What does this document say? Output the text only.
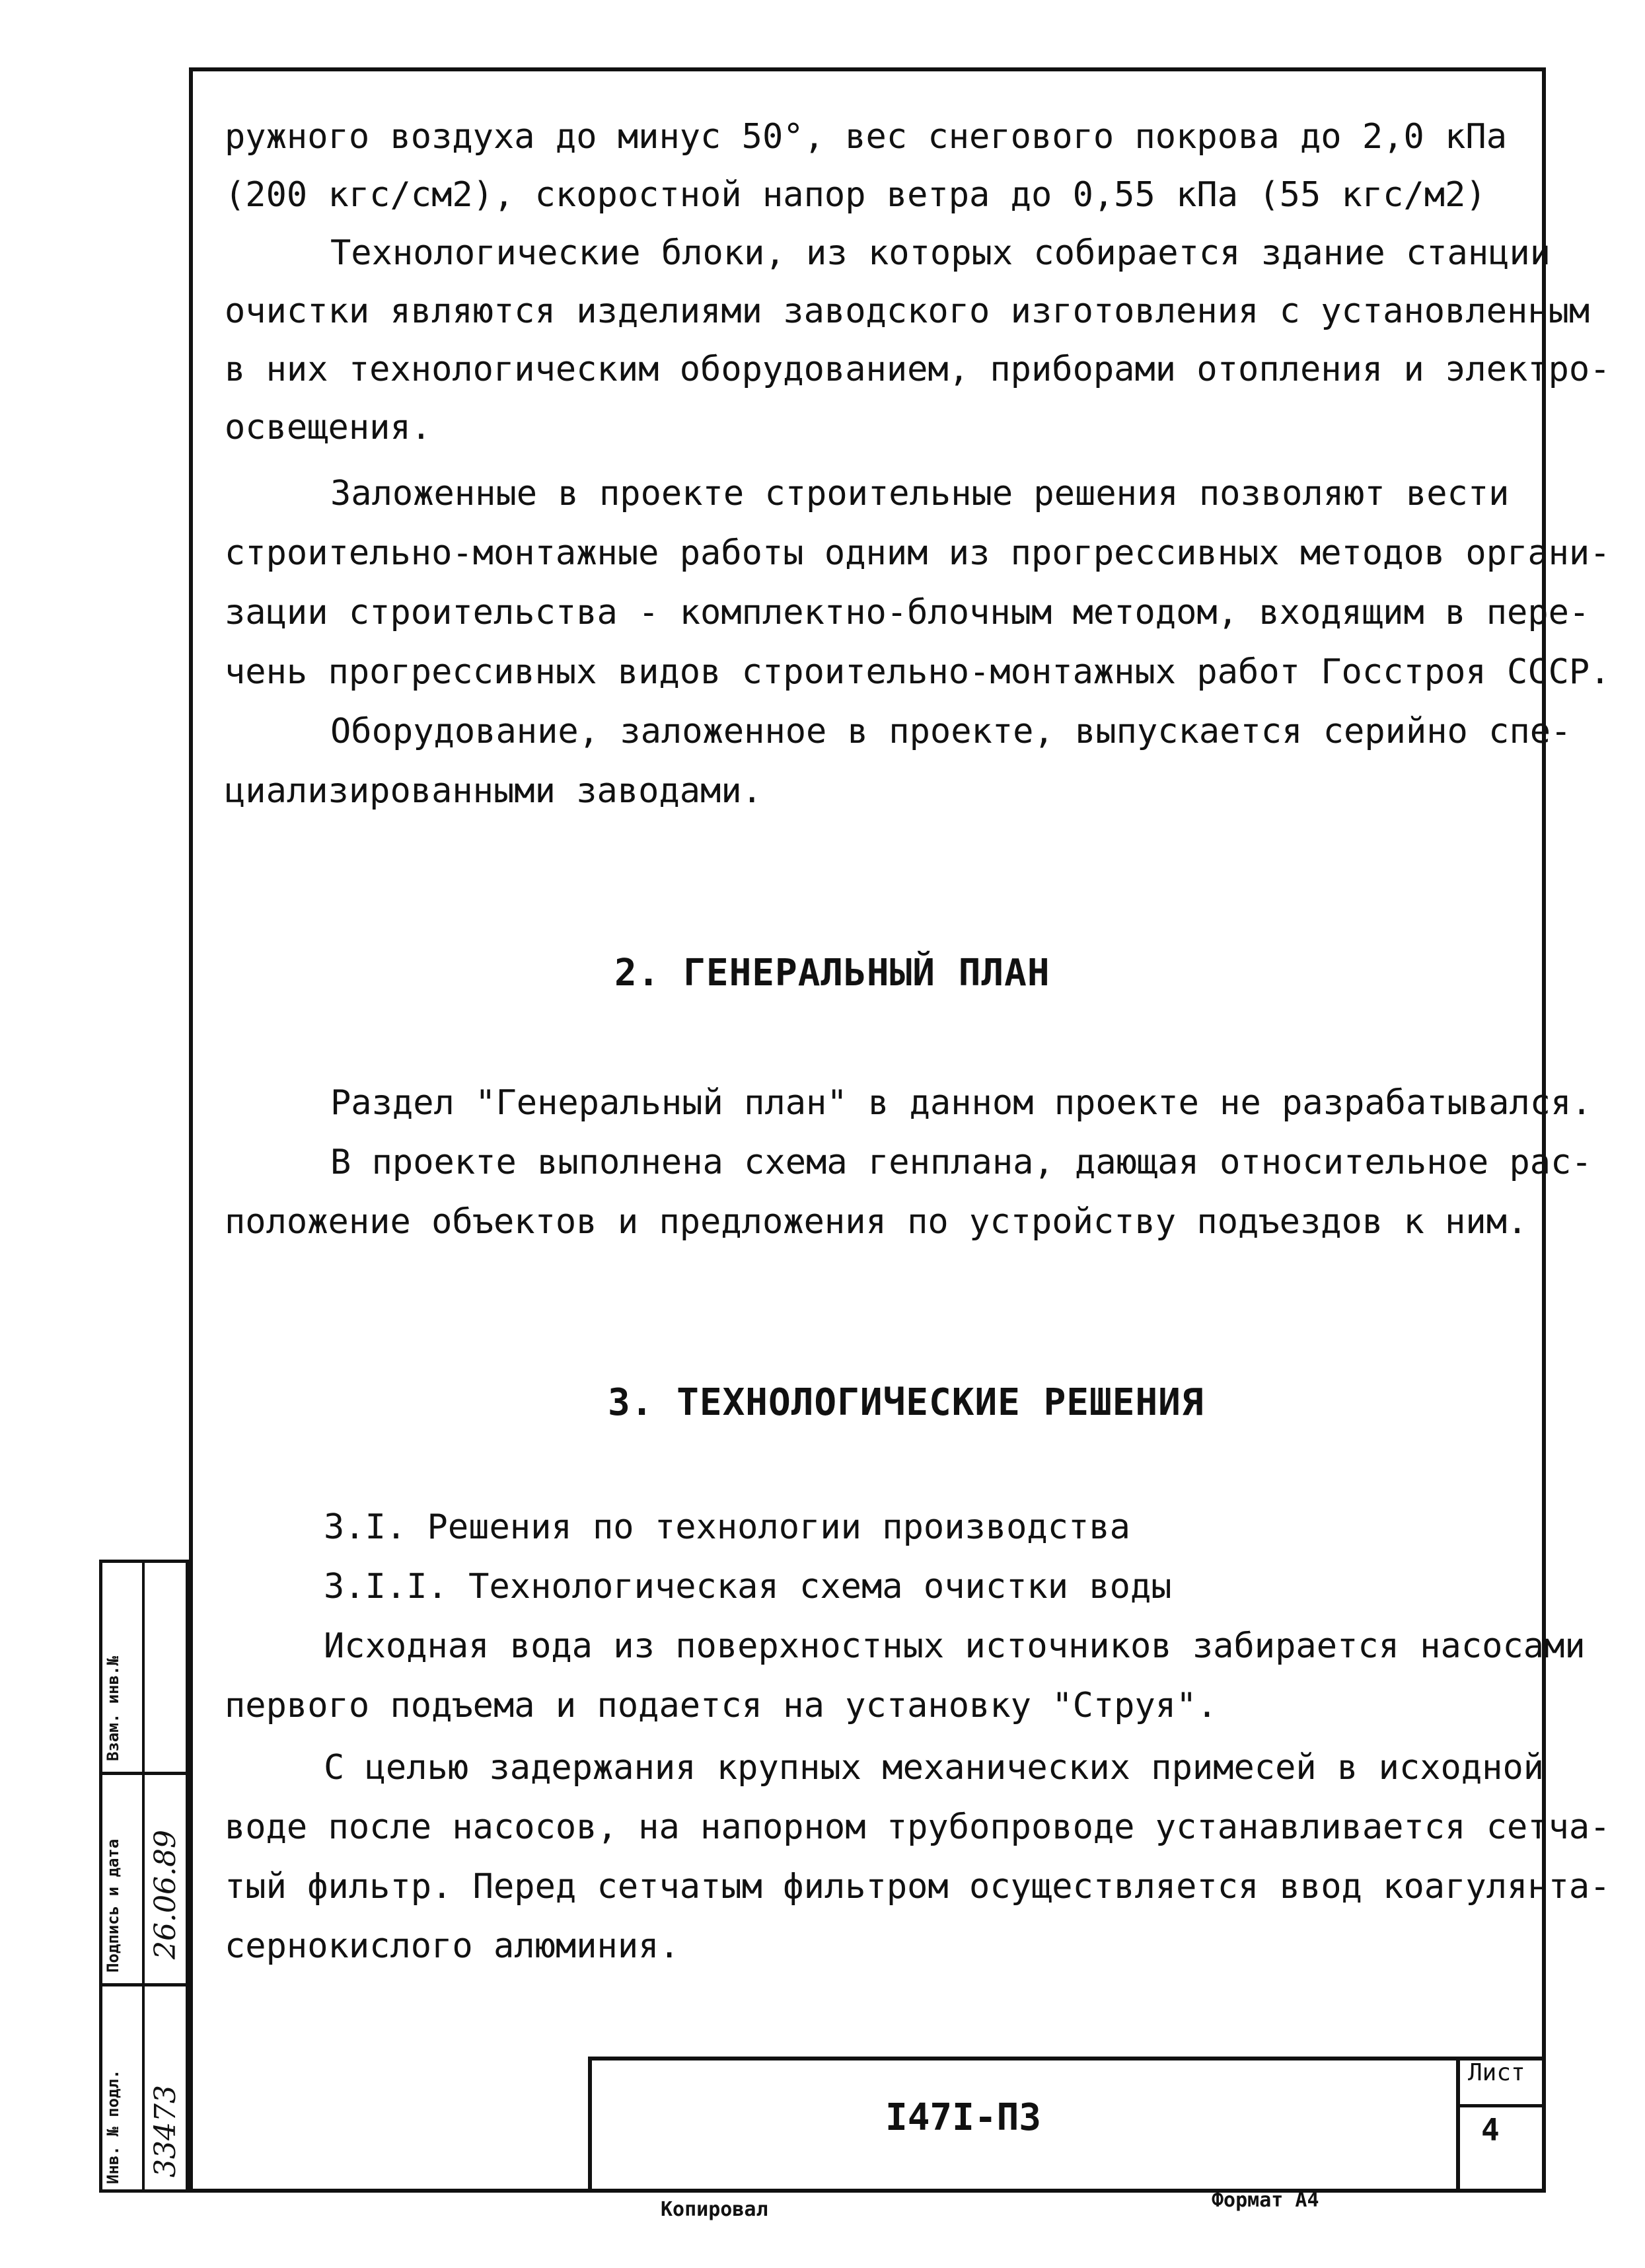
ружного воздуха до минус 50°, вес снегового покрова до 2,0 кПа
(200 кгс/см2), скоростной напор ветра до 0,55 кПа (55 кгс/м2)
Технологические блоки, из которых собирается здание станции
очистки являются изделиями заводского изготовления с установленным
в них технологическим оборудованием, приборами отопления и электро-
освещения.
Заложенные в проекте строительные решения позволяют вести
строительно-монтажные работы одним из прогрессивных методов органи-
зации строительства - комплектно-блочным методом, входящим в пере-
чень прогрессивных видов строительно-монтажных работ Госстроя СССР.
Оборудование, заложенное в проекте, выпускается серийно спе-
циализированными заводами.
2. ГЕНЕРАЛЬНЫЙ ПЛАН
Раздел "Генеральный план" в данном проекте не разрабатывался.
В проекте выполнена схема генплана, дающая относительное рас-
положение объектов и предложения по устройству подъездов к ним.
3. ТЕХНОЛОГИЧЕСКИЕ РЕШЕНИЯ
3.I. Решения по технологии производства
3.I.I. Технологическая схема очистки воды
Исходная вода из поверхностных источников забирается насосами
первого подъема и подается на установку "Струя".
С целью задержания крупных механических примесей в исходной
воде после насосов, на напорном трубопроводе устанавливается сетча-
тый фильтр. Перед сетчатым фильтром осуществляется ввод коагулянта-
сернокислого алюминия.
I47I-ПЗ
Лист
4
Копировал	Формат А4
Взам. инв.№
Подпись и дата
Инв. № подл.
26.06.89
33473
